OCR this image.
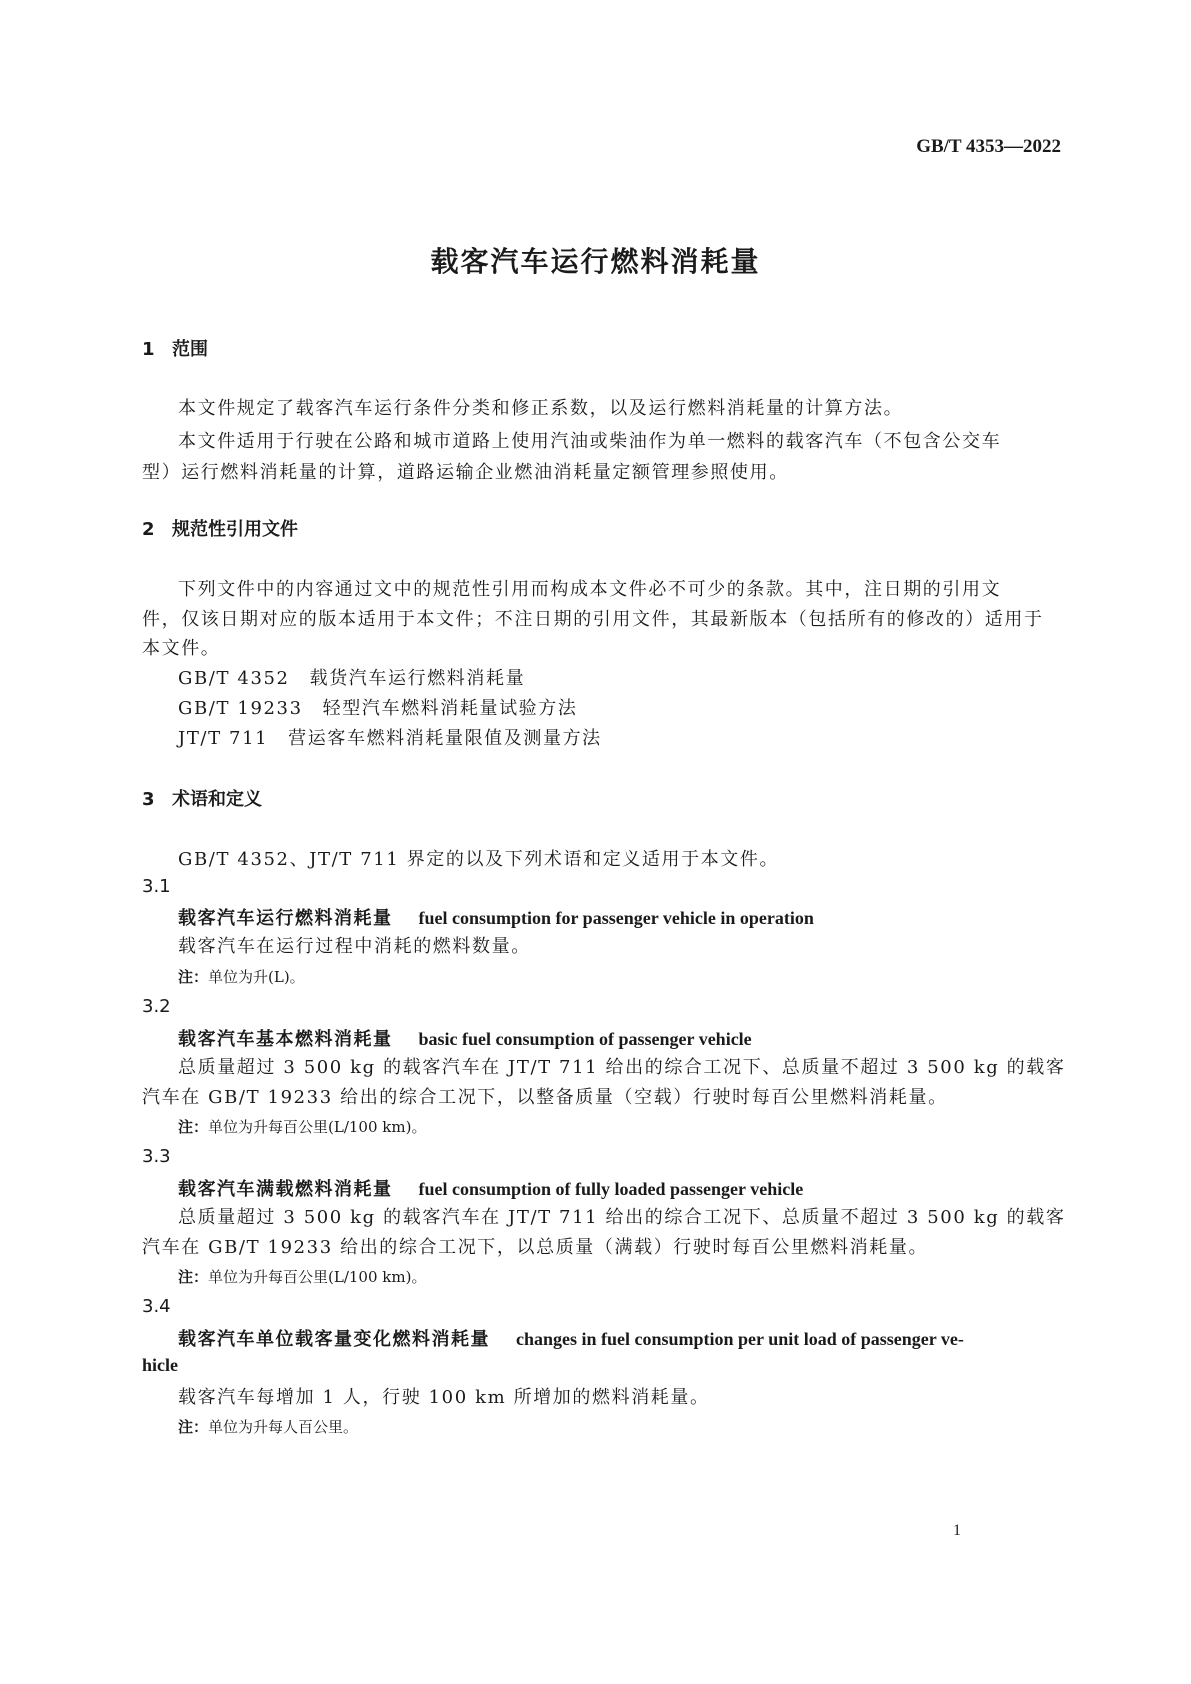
GB/T 4353—2022
载客汽车运行燃料消耗量
1 范围
本文件规定了载客汽车运行条件分类和修正系数，以及运行燃料消耗量的计算方法。
本文件适用于行驶在公路和城市道路上使用汽油或柴油作为单一燃料的载客汽车（不包含公交车
型）运行燃料消耗量的计算，道路运输企业燃油消耗量定额管理参照使用。
2 规范性引用文件
下列文件中的内容通过文中的规范性引用而构成本文件必不可少的条款。其中，注日期的引用文
件，仅该日期对应的版本适用于本文件；不注日期的引用文件，其最新版本（包括所有的修改的）适用于
本文件。
GB/T 4352 载货汽车运行燃料消耗量
GB/T 19233 轻型汽车燃料消耗量试验方法
JT/T 711 营运客车燃料消耗量限值及测量方法
3 术语和定义
GB/T 4352、JT/T 711 界定的以及下列术语和定义适用于本文件。
3.1
载客汽车运行燃料消耗量 fuel consumption for passenger vehicle in operation
载客汽车在运行过程中消耗的燃料数量。
注：单位为升(L)。
3.2
载客汽车基本燃料消耗量 basic fuel consumption of passenger vehicle
总质量超过 3 500 kg 的载客汽车在 JT/T 711 给出的综合工况下、总质量不超过 3 500 kg 的载客
汽车在 GB/T 19233 给出的综合工况下，以整备质量（空载）行驶时每百公里燃料消耗量。
注：单位为升每百公里(L/100 km)。
3.3
载客汽车满载燃料消耗量 fuel consumption of fully loaded passenger vehicle
总质量超过 3 500 kg 的载客汽车在 JT/T 711 给出的综合工况下、总质量不超过 3 500 kg 的载客
汽车在 GB/T 19233 给出的综合工况下，以总质量（满载）行驶时每百公里燃料消耗量。
注：单位为升每百公里(L/100 km)。
3.4
载客汽车单位载客量变化燃料消耗量 changes in fuel consumption per unit load of passenger ve-
hicle
载客汽车每增加 1 人，行驶 100 km 所增加的燃料消耗量。
注：单位为升每人百公里。
1
